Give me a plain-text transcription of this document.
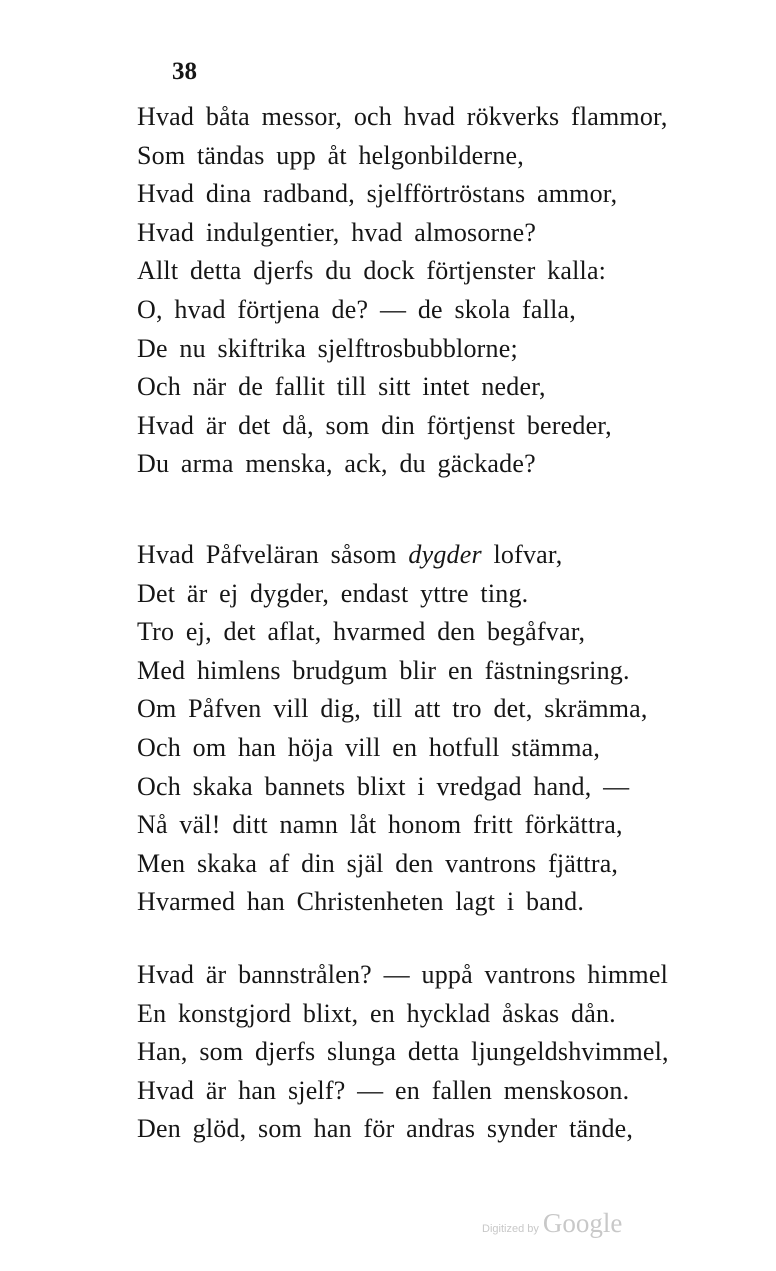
38
Hvad båta messor, och hvad rökverks flammor,
Som tändas upp åt helgonbilderne,
Hvad dina radband, sjelfförtröstans ammor,
Hvad indulgentier, hvad almosorne?
Allt detta djerfs du dock förtjenster kalla:
O, hvad förtjena de? — de skola falla,
De nu skiftrika sjelftrosbubblorne;
Och när de fallit till sitt intet neder,
Hvad är det då, som din förtjenst bereder,
Du arma menska, ack, du gäckade?
Hvad Påfveläran såsom dygder lofvar,
Det är ej dygder, endast yttre ting.
Tro ej, det aflat, hvarmed den begåfvar,
Med himlens brudgum blir en fästningsring.
Om Påfven vill dig, till att tro det, skrämma,
Och om han höja vill en hotfull stämma,
Och skaka bannets blixt i vredgad hand, —
Nå väl! ditt namn låt honom fritt förkättra,
Men skaka af din själ den vantrons fjättra,
Hvarmed han Christenheten lagt i band.
Hvad är bannstrålen? — uppå vantrons himmel
En konstgjord blixt, en hycklad åskas dån.
Han, som djerfs slunga detta ljungeldshvimmel,
Hvad är han sjelf? — en fallen menskoson.
Den glöd, som han för andras synder tände,
Digitized by Google
